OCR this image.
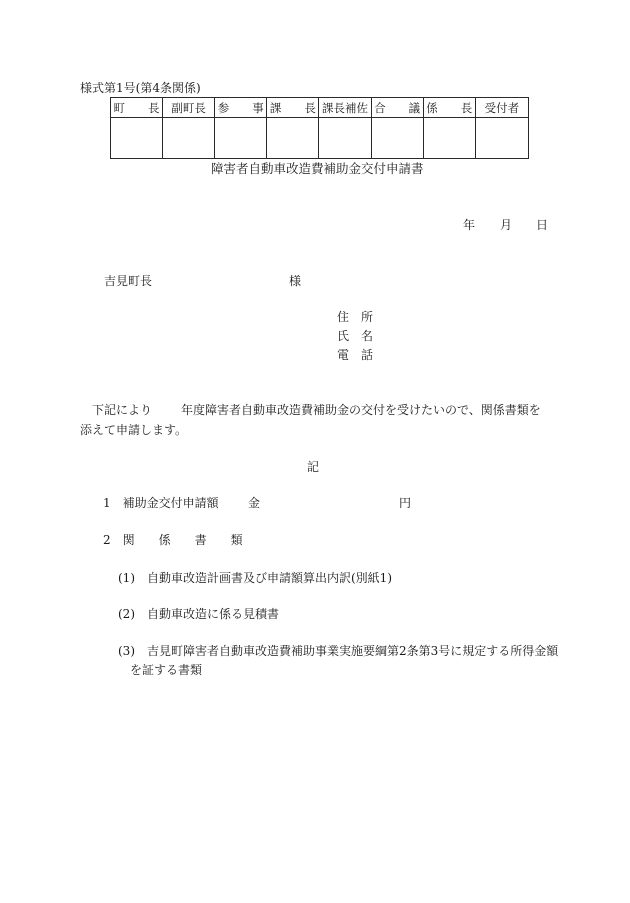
様式第1号(第4条関係)
町　　長	副町長	参　　事	課　　長	課長補佐	合　　議	係　　長	受付者

障害者自動車改造費補助金交付申請書
年 月 日
吉見町長	様
住　所
氏　名
電　話
下記により 年度障害者自動車改造費補助金の交付を受けたいので、関係書類を
添えて申請します。
記
1　補助金交付申請額 金	円
2　関　　係　　書　　類
(1)　自動車改造計画書及び申請額算出内訳(別紙1)
(2)　自動車改造に係る見積書
(3)　吉見町障害者自動車改造費補助事業実施要綱第2条第3号に規定する所得金額
を証する書類
